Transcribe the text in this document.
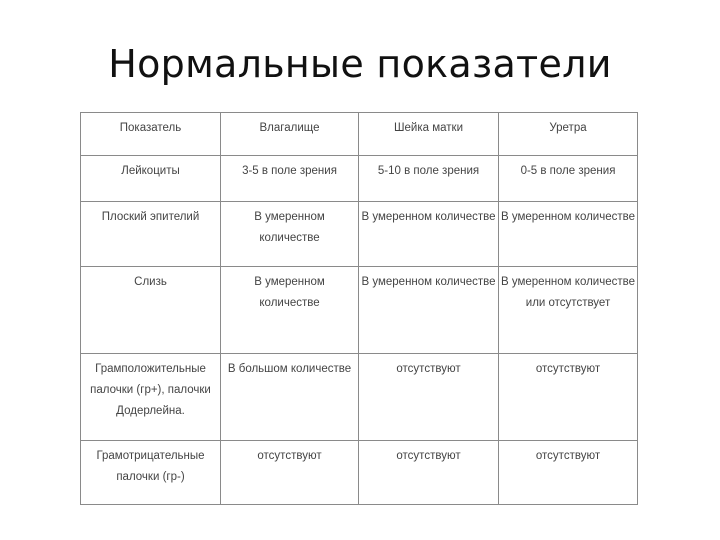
Нормальные показатели
Показатель	Влагалище	Шейка матки	Уретра
Лейкоциты	3-5 в поле зрения	5-10 в поле зрения	0-5 в поле зрения
Плоский эпителий	В умеренном количестве	В умеренном количестве	В умеренном количестве
Слизь	В умеренном количестве	В умеренном количестве	В умеренном количестве или отсутствует
Грамположительные палочки (гр+), палочки Додерлейна.	В большом количестве	отсутствуют	отсутствуют
Грамотрицательные палочки (гр-)	отсутствуют	отсутствуют	отсутствуют
